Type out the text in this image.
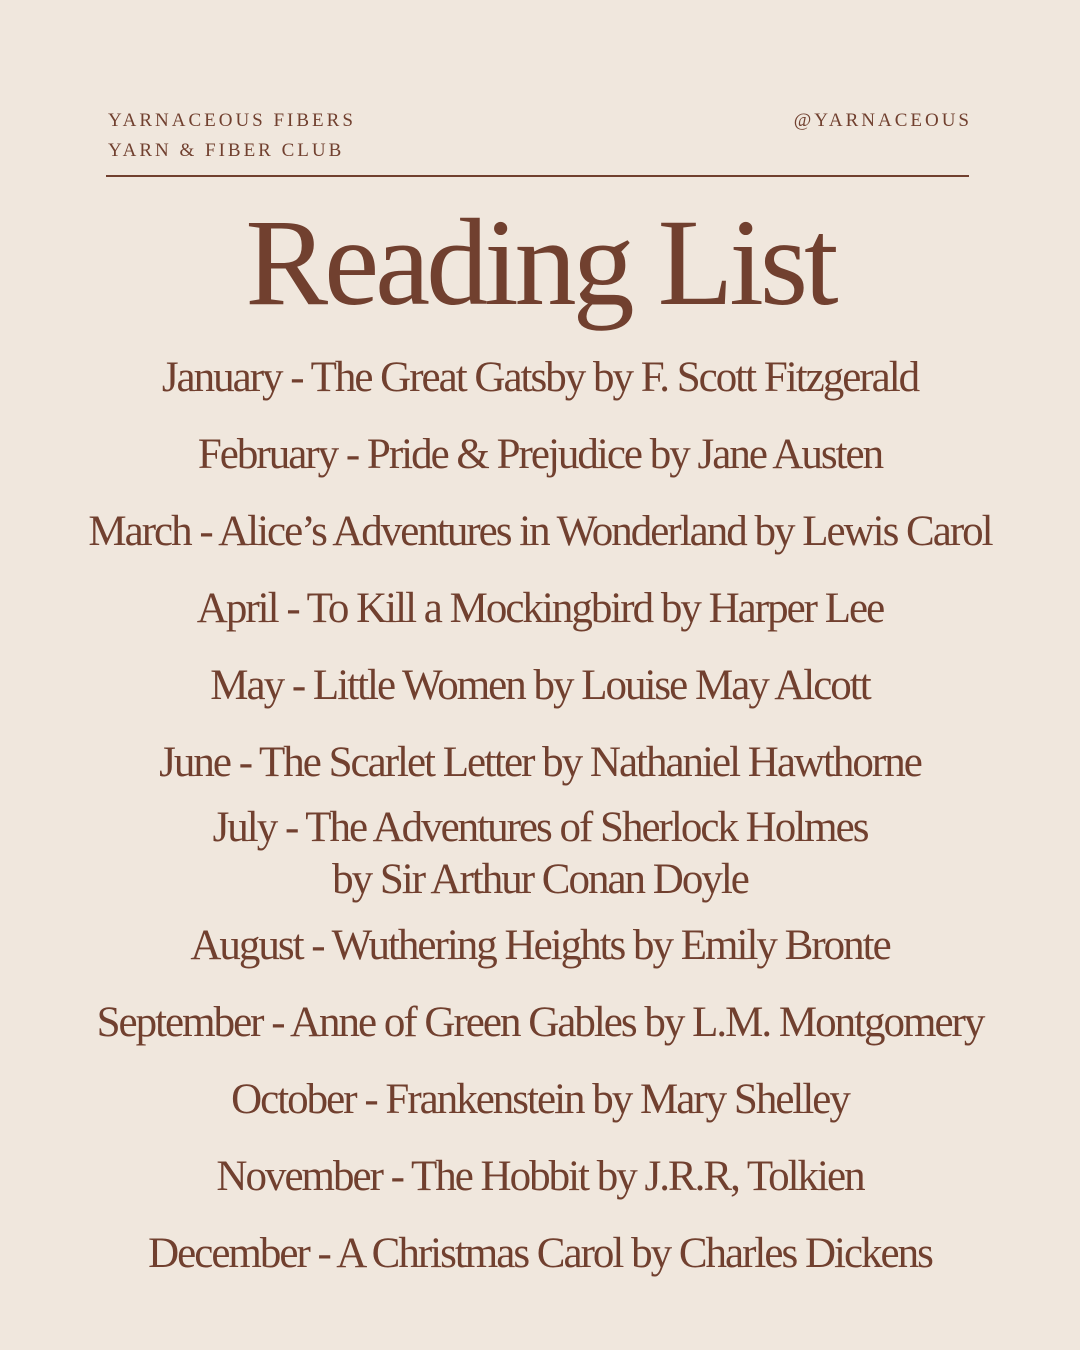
YARNACEOUS FIBERS
YARN & FIBER CLUB
@YARNACEOUS
Reading List
January - The Great Gatsby by F. Scott Fitzgerald
February - Pride & Prejudice by Jane Austen
March - Alice’s Adventures in Wonderland by Lewis Carol
April - To Kill a Mockingbird by Harper Lee
May - Little Women by Louise May Alcott
June - The Scarlet Letter by Nathaniel Hawthorne
July - The Adventures of Sherlock Holmes
by Sir Arthur Conan Doyle
August - Wuthering Heights by Emily Bronte
September - Anne of Green Gables by L.M. Montgomery
October - Frankenstein by Mary Shelley
November - The Hobbit by J.R.R, Tolkien
December - A Christmas Carol by Charles Dickens
